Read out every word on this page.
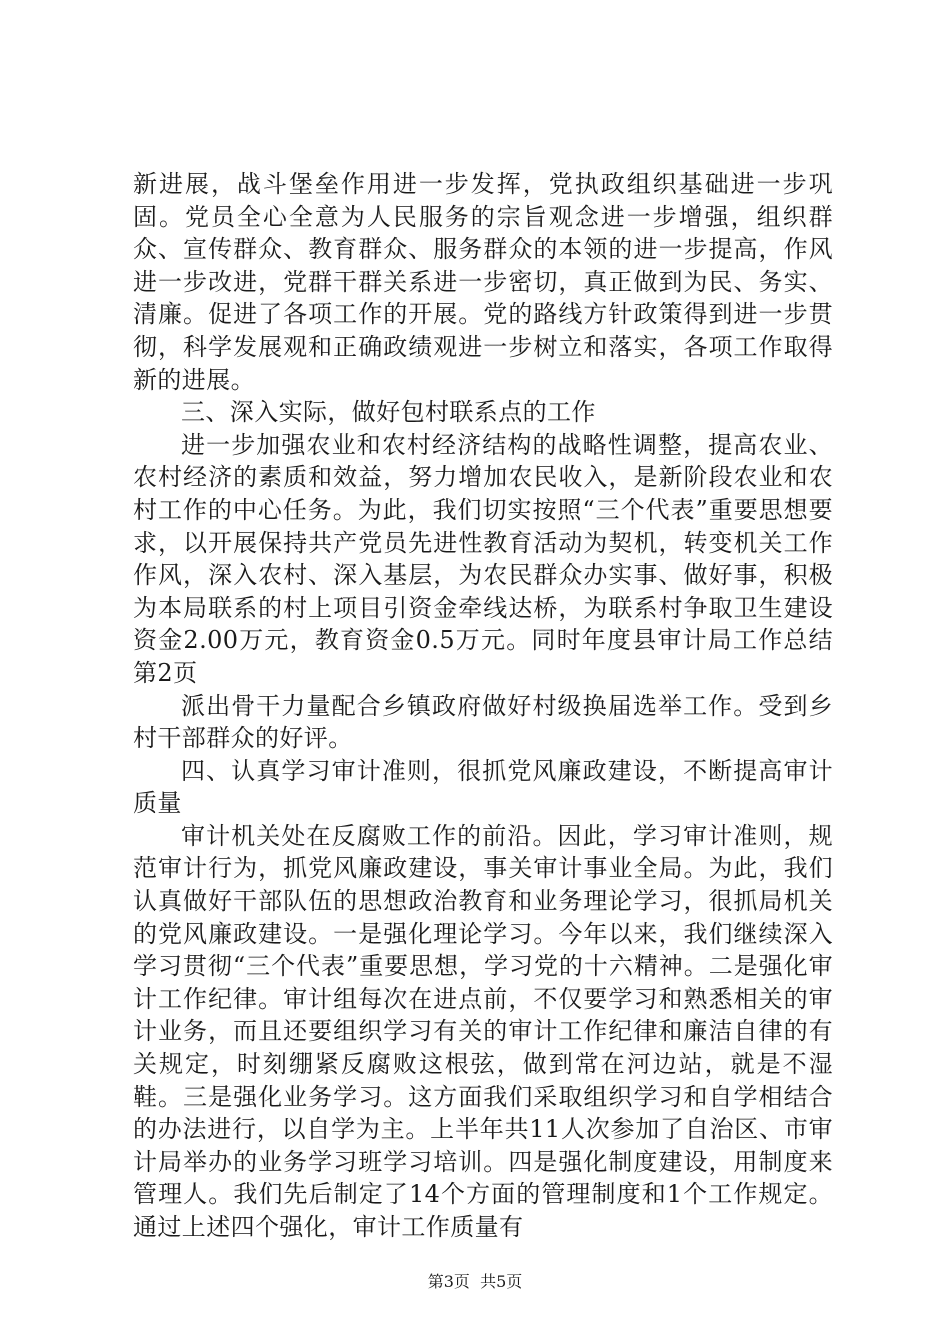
新进展，战斗堡垒作用进一步发挥，党执政组织基础进一步巩固。党员全心全意为人民服务的宗旨观念进一步增强，组织群众、宣传群众、教育群众、服务群众的本领的进一步提高，作风进一步改进，党群干群关系进一步密切，真正做到为民、务实、清廉。促进了各项工作的开展。党的路线方针政策得到进一步贯彻，科学发展观和正确政绩观进一步树立和落实，各项工作取得新的进展。

三、深入实际，做好包村联系点的工作

进一步加强农业和农村经济结构的战略性调整，提高农业、农村经济的素质和效益，努力增加农民收入，是新阶段农业和农村工作的中心任务。为此，我们切实按照“三个代表”重要思想要求，以开展保持共产党员先进性教育活动为契机，转变机关工作作风，深入农村、深入基层，为农民群众办实事、做好事，积极为本局联系的村上项目引资金牵线达桥，为联系村争取卫生建设资金2.00万元，教育资金0.5万元。同时年度县审计局工作总结第2页

派出骨干力量配合乡镇政府做好村级换届选举工作。受到乡村干部群众的好评。

四、认真学习审计准则，很抓党风廉政建设，不断提高审计质量

审计机关处在反腐败工作的前沿。因此，学习审计准则，规范审计行为，抓党风廉政建设，事关审计事业全局。为此，我们认真做好干部队伍的思想政治教育和业务理论学习，很抓局机关的党风廉政建设。一是强化理论学习。今年以来，我们继续深入学习贯彻“三个代表”重要思想，学习党的十六精神。二是强化审计工作纪律。审计组每次在进点前，不仅要学习和熟悉相关的审计业务，而且还要组织学习有关的审计工作纪律和廉洁自律的有关规定，时刻绷紧反腐败这根弦，做到常在河边站，就是不湿鞋。三是强化业务学习。这方面我们采取组织学习和自学相结合的办法进行，以自学为主。上半年共11人次参加了自治区、市审计局举办的业务学习班学习培训。四是强化制度建设，用制度来管理人。我们先后制定了14个方面的管理制度和1个工作规定。通过上述四个强化，审计工作质量有

第3页 共5页
